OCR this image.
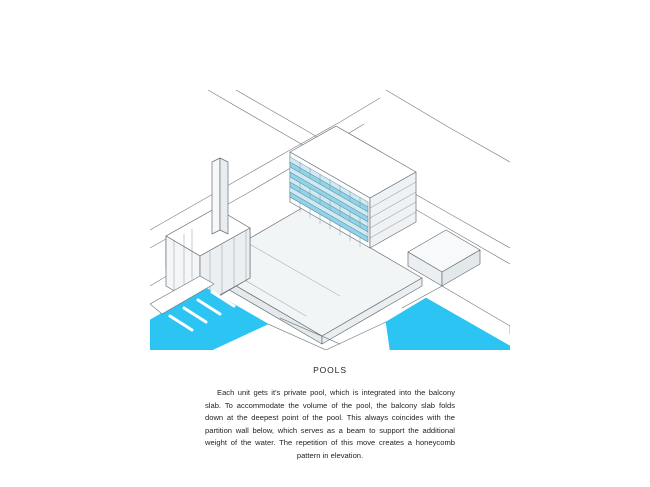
POOLS
Each unit gets it's private pool, which is integrated into the balcony slab. To accommodate the volume of the pool, the balcony slab folds down at the deepest point of the pool. This always coincides with the partition wall below, which serves as a beam to support the additional weight of the water. The repetition of this move creates a honeycomb pattern in elevation.
